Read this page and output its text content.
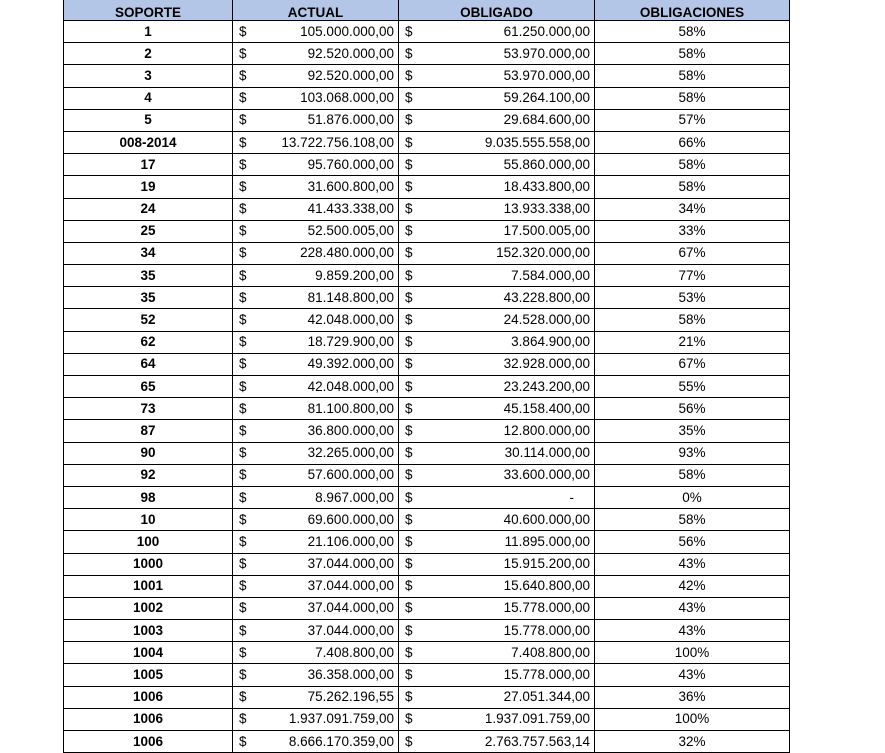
SOPORTE	ACTUAL	OBLIGADO	OBLIGACIONES
1	$ 105.000.000,00	$ 61.250.000,00	58%
2	$ 92.520.000,00	$ 53.970.000,00	58%
3	$ 92.520.000,00	$ 53.970.000,00	58%
4	$ 103.068.000,00	$ 59.264.100,00	58%
5	$ 51.876.000,00	$ 29.684.600,00	57%
008-2014	$ 13.722.756.108,00	$ 9.035.555.558,00	66%
17	$ 95.760.000,00	$ 55.860.000,00	58%
19	$ 31.600.800,00	$ 18.433.800,00	58%
24	$ 41.433.338,00	$ 13.933.338,00	34%
25	$ 52.500.005,00	$ 17.500.005,00	33%
34	$ 228.480.000,00	$ 152.320.000,00	67%
35	$ 9.859.200,00	$ 7.584.000,00	77%
35	$ 81.148.800,00	$ 43.228.800,00	53%
52	$ 42.048.000,00	$ 24.528.000,00	58%
62	$ 18.729.900,00	$ 3.864.900,00	21%
64	$ 49.392.000,00	$ 32.928.000,00	67%
65	$ 42.048.000,00	$ 23.243.200,00	55%
73	$ 81.100.800,00	$ 45.158.400,00	56%
87	$ 36.800.000,00	$ 12.800.000,00	35%
90	$ 32.265.000,00	$ 30.114.000,00	93%
92	$ 57.600.000,00	$ 33.600.000,00	58%
98	$ 8.967.000,00	$ -	0%
10	$ 69.600.000,00	$ 40.600.000,00	58%
100	$ 21.106.000,00	$ 11.895.000,00	56%
1000	$ 37.044.000,00	$ 15.915.200,00	43%
1001	$ 37.044.000,00	$ 15.640.800,00	42%
1002	$ 37.044.000,00	$ 15.778.000,00	43%
1003	$ 37.044.000,00	$ 15.778.000,00	43%
1004	$ 7.408.800,00	$ 7.408.800,00	100%
1005	$ 36.358.000,00	$ 15.778.000,00	43%
1006	$ 75.262.196,55	$ 27.051.344,00	36%
1006	$ 1.937.091.759,00	$ 1.937.091.759,00	100%
1006	$ 8.666.170.359,00	$ 2.763.757.563,14	32%
